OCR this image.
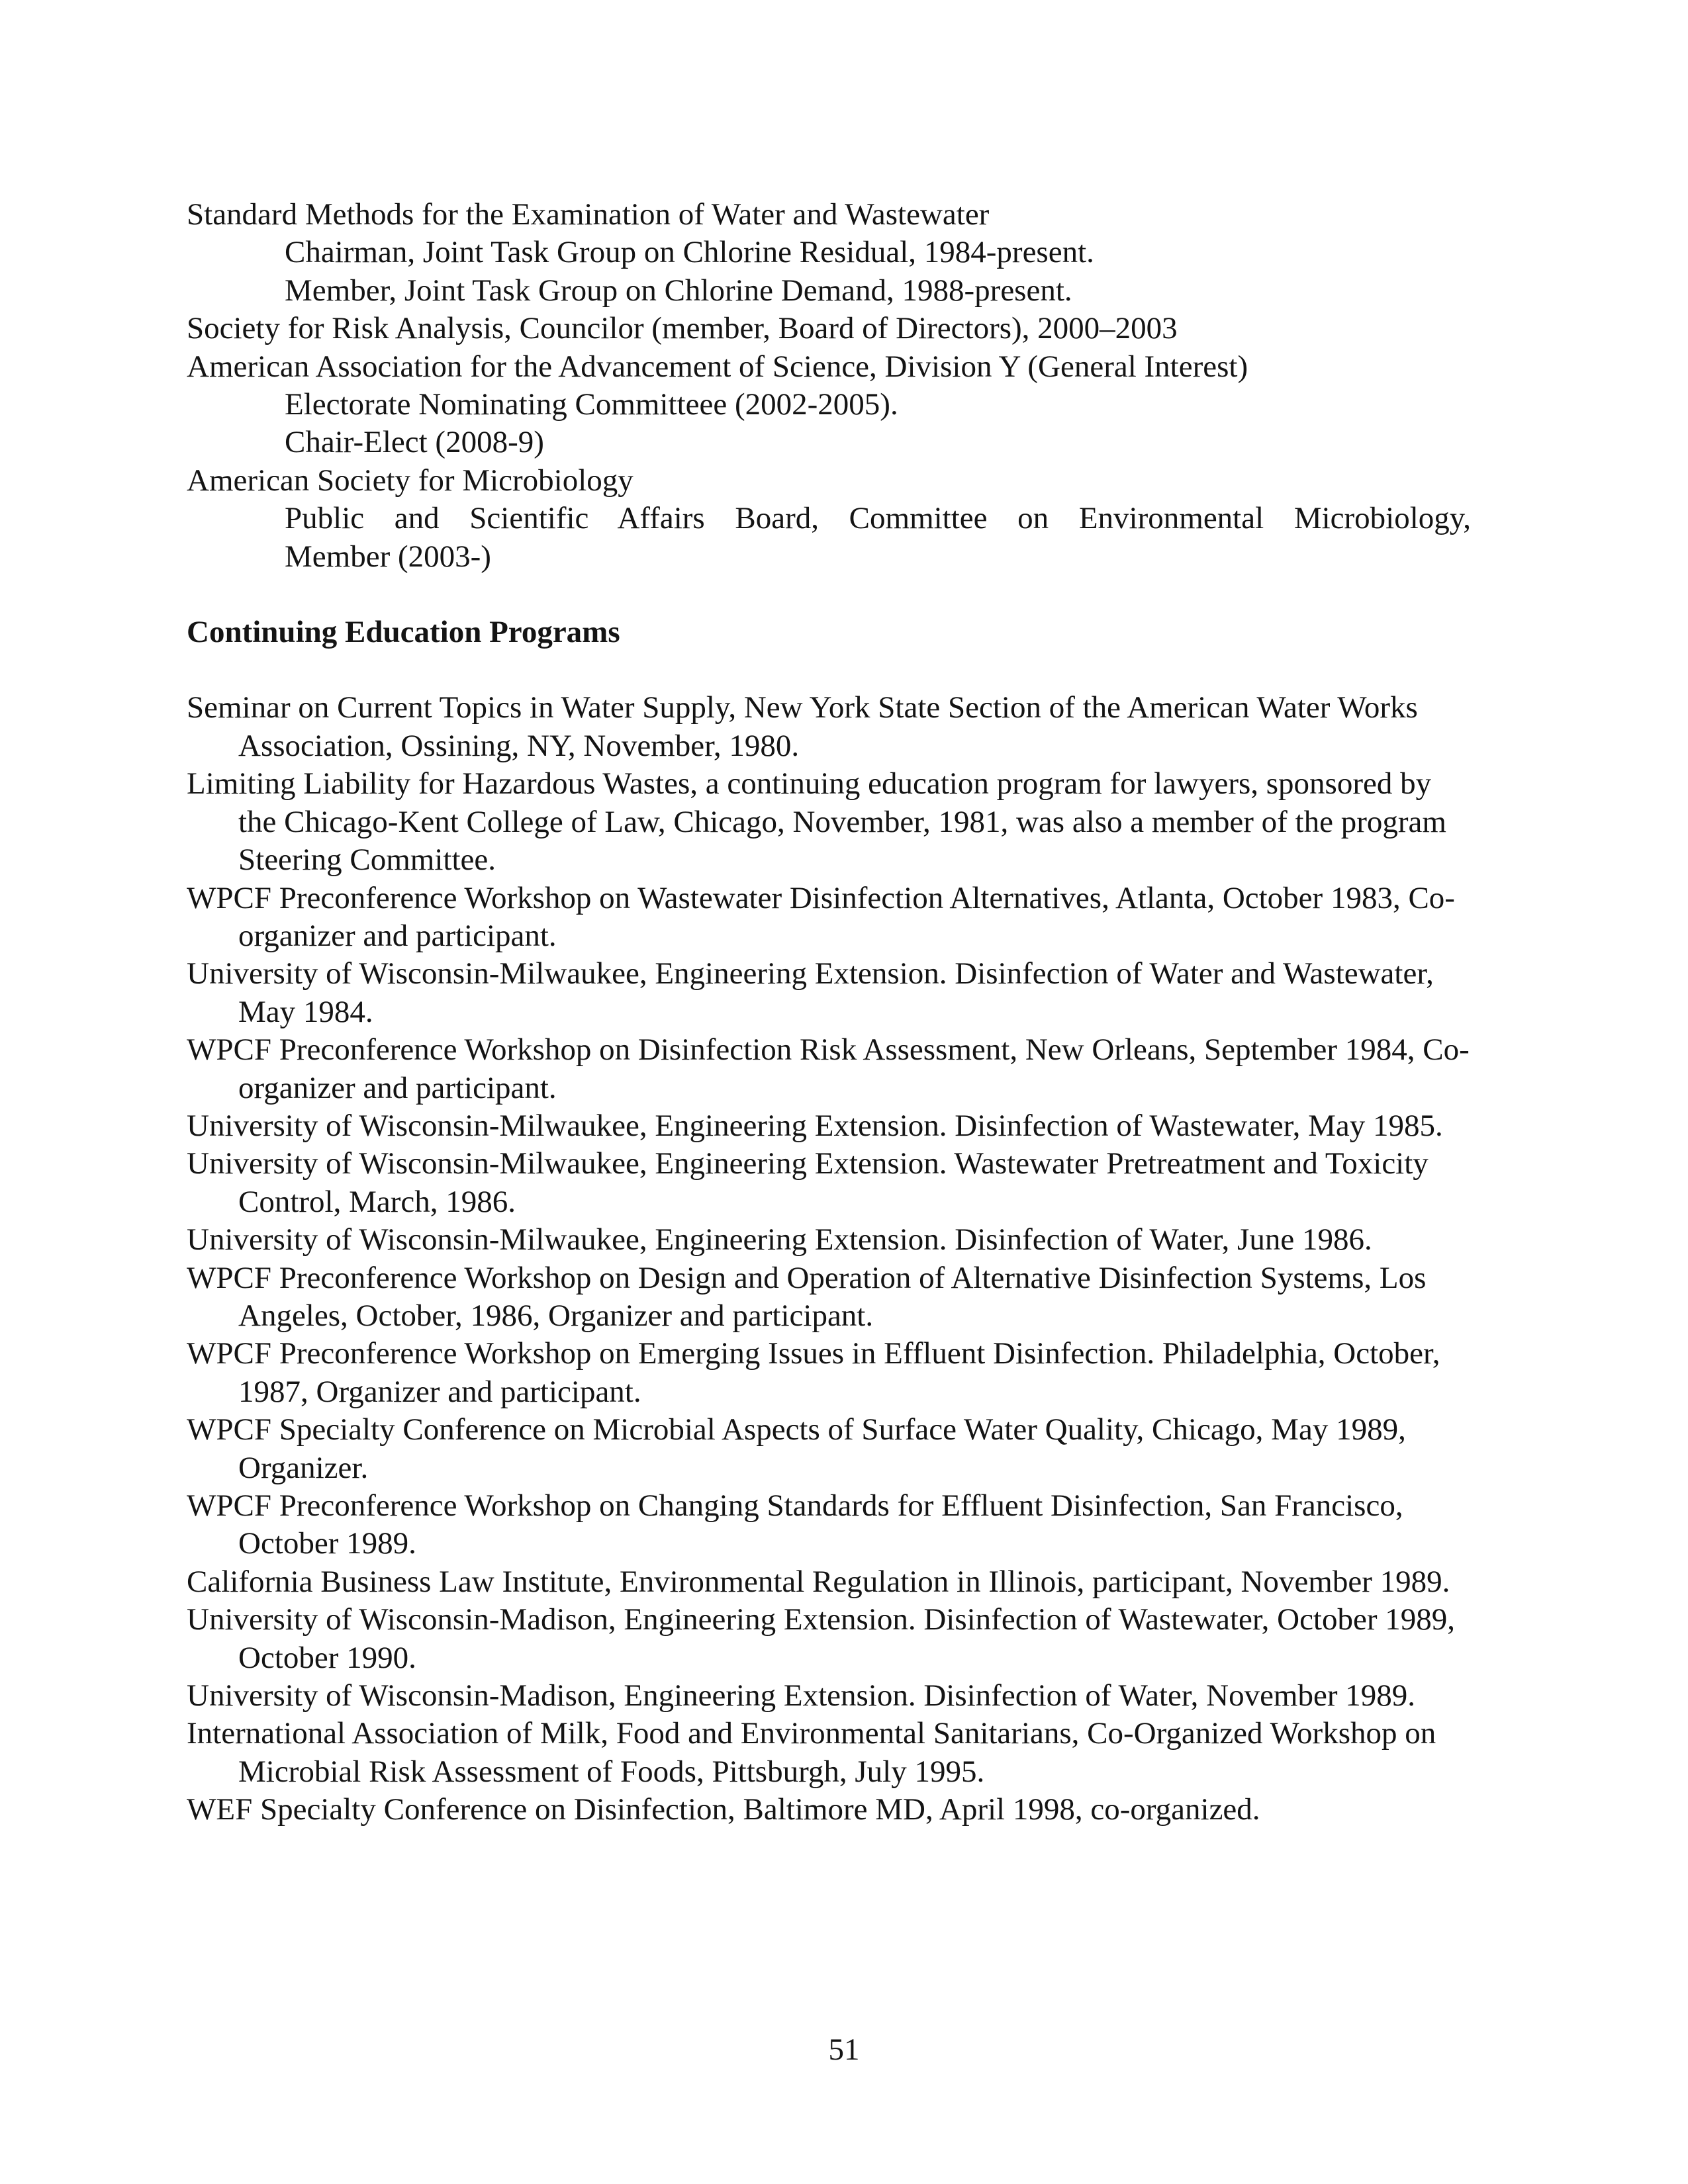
Standard Methods for the Examination of Water and Wastewater
Chairman, Joint Task Group on Chlorine Residual, 1984-present.
Member, Joint Task Group on Chlorine Demand, 1988-present.
Society for Risk Analysis, Councilor (member, Board of Directors), 2000–2003
American Association for the Advancement of Science, Division Y (General Interest)
Electorate Nominating Committeee (2002-2005).
Chair-Elect (2008-9)
American Society for Microbiology
Public and Scientific Affairs Board, Committee on Environmental Microbiology,
Member (2003-)
Continuing Education Programs
Seminar on Current Topics in Water Supply, New York State Section of the American Water Works Association, Ossining, NY, November, 1980.
Limiting Liability for Hazardous Wastes, a continuing education program for lawyers, sponsored by the Chicago-Kent College of Law, Chicago, November, 1981, was also a member of the program Steering Committee.
WPCF Preconference Workshop on Wastewater Disinfection Alternatives, Atlanta, October 1983, Co-organizer and participant.
University of Wisconsin-Milwaukee, Engineering Extension. Disinfection of Water and Wastewater, May 1984.
WPCF Preconference Workshop on Disinfection Risk Assessment, New Orleans, September 1984, Co- organizer and participant.
University of Wisconsin-Milwaukee, Engineering Extension. Disinfection of Wastewater, May 1985.
University of Wisconsin-Milwaukee, Engineering Extension. Wastewater Pretreatment and Toxicity Control, March, 1986.
University of Wisconsin-Milwaukee, Engineering Extension. Disinfection of Water, June 1986.
WPCF Preconference Workshop on Design and Operation of Alternative Disinfection Systems, Los Angeles, October, 1986, Organizer and participant.
WPCF Preconference Workshop on Emerging Issues in Effluent Disinfection. Philadelphia, October, 1987, Organizer and participant.
WPCF Specialty Conference on Microbial Aspects of Surface Water Quality, Chicago, May 1989, Organizer.
WPCF Preconference Workshop on Changing Standards for Effluent Disinfection, San Francisco, October 1989.
California Business Law Institute, Environmental Regulation in Illinois, participant, November 1989.
University of Wisconsin-Madison, Engineering Extension. Disinfection of Wastewater, October 1989, October 1990.
University of Wisconsin-Madison, Engineering Extension. Disinfection of Water, November 1989.
International Association of Milk, Food and Environmental Sanitarians, Co-Organized Workshop on Microbial Risk Assessment of Foods, Pittsburgh, July 1995.
WEF Specialty Conference on Disinfection, Baltimore MD, April 1998, co-organized.
51
